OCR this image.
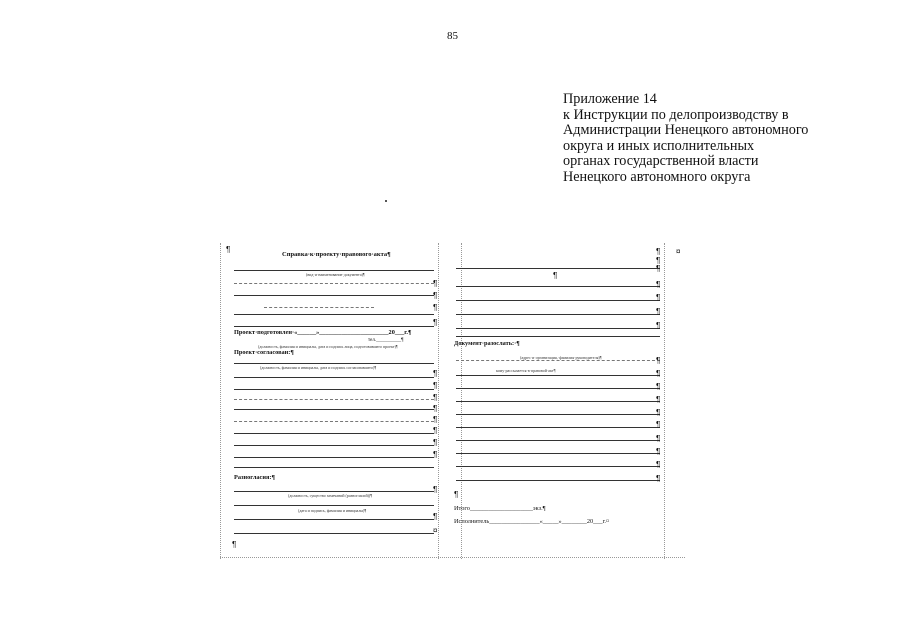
85
Приложение 14
к Инструкции по делопроизводству в
Администрации Ненецкого автономного
округа и иных исполнительных
органах государственной власти
Ненецкого автономного округа
¶
Справка·к·проекту·правового·акта¶
(вид·и·наименование·документа)¶
¶
¶
¶
¶
Проект·подготовлен·«______»______________________20___г.¶
тел.__________¶
(должность, фамилия и инициалы, дата и подпись лица, подготовившего проект)¶
Проект·согласован:¶
(должность, фамилия и инициалы, дата и подпись согласовавшего)¶
¶
¶
¶
¶
¶
¶
¶
¶
Разногласия:¶
¶
(должность, существо замечаний (разногласий))¶
(дата и подпись, фамилия и инициалы)¶
¶
¤
¶
¶ ¤
¶
¶
¶
¶
¶
¶
¶
Документ·разослать:·¶
(адрес·и·организация,·фамилия·руководителя)¶	¶
кому·рассылается·в·правовой·акт¶	¶
¶
¶
¶
¶
¶
¶
¶
¶
¶
Итого____________________экз.¶
Исполнитель________________«_____»________20___г.¤
